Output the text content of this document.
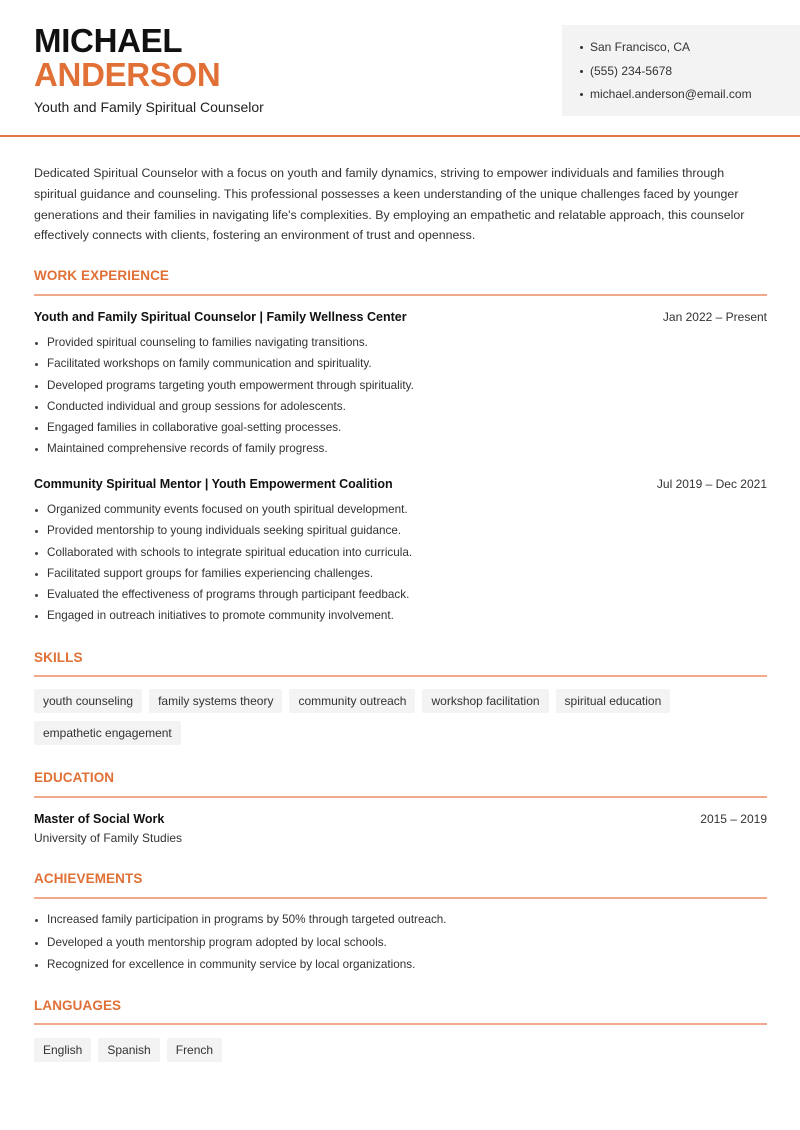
MICHAEL
ANDERSON
Youth and Family Spiritual Counselor
San Francisco, CA
(555) 234-5678
michael.anderson@email.com

Dedicated Spiritual Counselor with a focus on youth and family dynamics, striving to empower individuals and families through spiritual guidance and counseling. This professional possesses a keen understanding of the unique challenges faced by younger generations and their families in navigating life's complexities. By employing an empathetic and relatable approach, this counselor effectively connects with clients, fostering an environment of trust and openness.

WORK EXPERIENCE
Youth and Family Spiritual Counselor | Family Wellness Center	Jan 2022 – Present
Provided spiritual counseling to families navigating transitions.
Facilitated workshops on family communication and spirituality.
Developed programs targeting youth empowerment through spirituality.
Conducted individual and group sessions for adolescents.
Engaged families in collaborative goal-setting processes.
Maintained comprehensive records of family progress.
Community Spiritual Mentor | Youth Empowerment Coalition	Jul 2019 – Dec 2021
Organized community events focused on youth spiritual development.
Provided mentorship to young individuals seeking spiritual guidance.
Collaborated with schools to integrate spiritual education into curricula.
Facilitated support groups for families experiencing challenges.
Evaluated the effectiveness of programs through participant feedback.
Engaged in outreach initiatives to promote community involvement.
SKILLS
youth counseling	family systems theory	community outreach	workshop facilitation	spiritual education
empathetic engagement
EDUCATION
Master of Social Work	2015 – 2019
University of Family Studies
ACHIEVEMENTS
Increased family participation in programs by 50% through targeted outreach.
Developed a youth mentorship program adopted by local schools.
Recognized for excellence in community service by local organizations.
LANGUAGES
English	Spanish	French
